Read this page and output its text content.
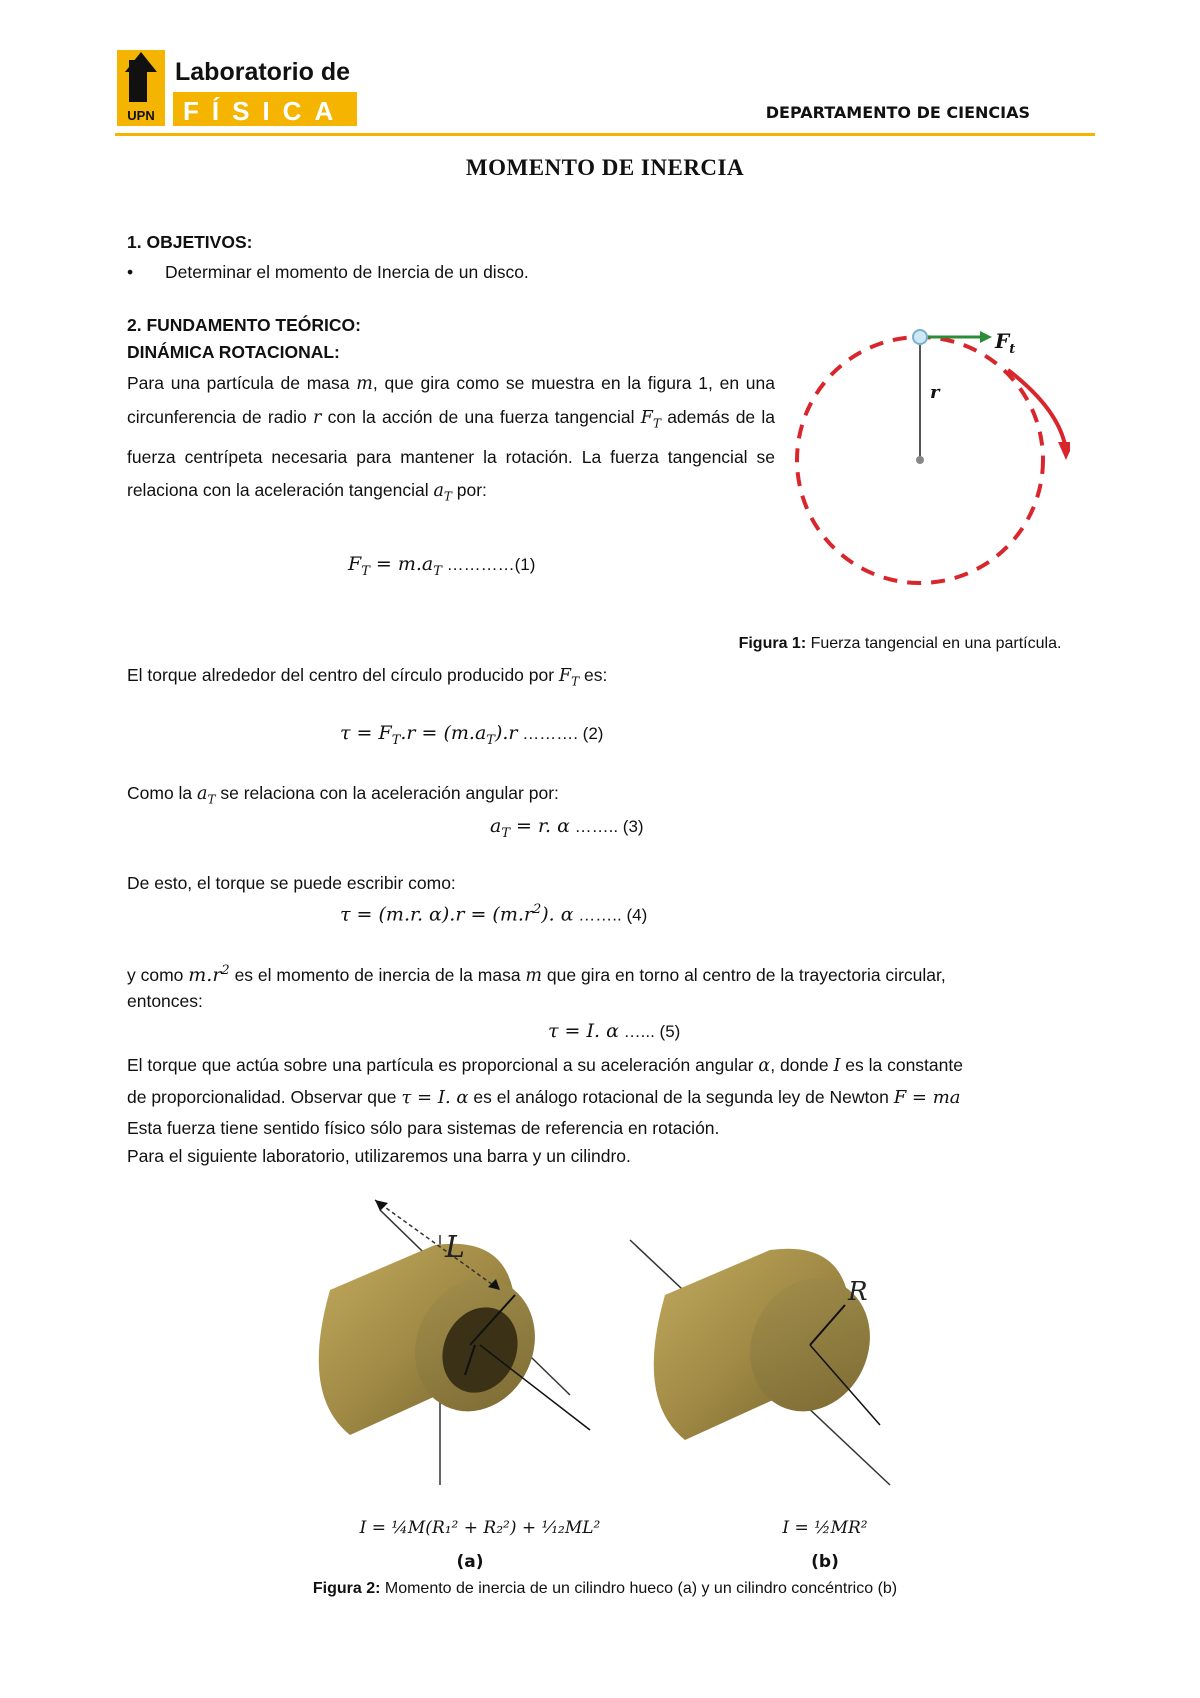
UPN
Laboratorio de
FÍSICA	DEPARTAMENTO DE CIENCIAS
MOMENTO DE INERCIA
1. OBJETIVOS:
• Determinar el momento de Inercia de un disco.
2. FUNDAMENTO TEÓRICO:
DINÁMICA ROTACIONAL:
Para una partícula de masa m, que gira como se muestra en la figura 1, en una circunferencia de radio r con la acción de una fuerza tangencial $F_T$ además de la fuerza centrípeta necesaria para mantener la rotación. La fuerza tangencial se relaciona con la aceleración tangencial $a_T$ por:
$F_T = m.a_T$ …………(1)
$F_t$
r
Figura 1: Fuerza tangencial en una partícula.
El torque alrededor del centro del círculo producido por $F_T$ es:
$\tau = F_T.r = (m.a_T).r$ ………. (2)
Como la $a_T$ se relaciona con la aceleración angular por:
$a_T = r$. α …….. (3)
De esto, el torque se puede escribir como:
τ = (m.r. $\alpha).r = (m.r^2)$. α …….. (4)
y como $m.r^2$ es el momento de inercia de la masa m que gira en torno al centro de la trayectoria circular,
entonces:
τ = I. α …... (5)
El torque que actúa sobre una partícula es proporcional a su aceleración angular α, donde I es la constante
de proporcionalidad. Observar que τ = I. α es el análogo rotacional de la segunda ley de Newton F = ma
Esta fuerza tiene sentido físico sólo para sistemas de referencia en rotación.
Para el siguiente laboratorio, utilizaremos una barra y un cilindro.
L
R
I = ¼M(R₁² + R₂²) + ¹⁄₁₂ML²	I = ½MR²
(a)	(b)
Figura 2: Momento de inercia de un cilindro hueco (a) y un cilindro concéntrico (b)
